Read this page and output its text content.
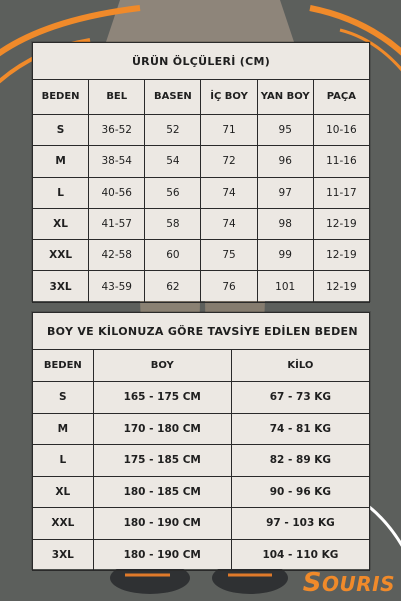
ÜRÜN ÖLÇÜLERİ (CM)
BEDEN	BEL	BASEN	İÇ BOY	YAN BOY	PAÇA
S	36-52	52	71	95	10-16
M	38-54	54	72	96	11-16
L	40-56	56	74	97	11-17
XL	41-57	58	74	98	12-19
XXL	42-58	60	75	99	12-19
3XL	43-59	62	76	101	12-19
BOY VE KİLONUZA GÖRE TAVSİYE EDİLEN BEDEN
BEDEN	BOY	KİLO
S	165 - 175 CM	67 - 73 KG
M	170 - 180 CM	74 - 81 KG
L	175 - 185 CM	82 - 89 KG
XL	180 - 185 CM	90 - 96 KG
XXL	180 - 190 CM	97 - 103 KG
3XL	180 - 190 CM	104 - 110 KG
SOURIS
